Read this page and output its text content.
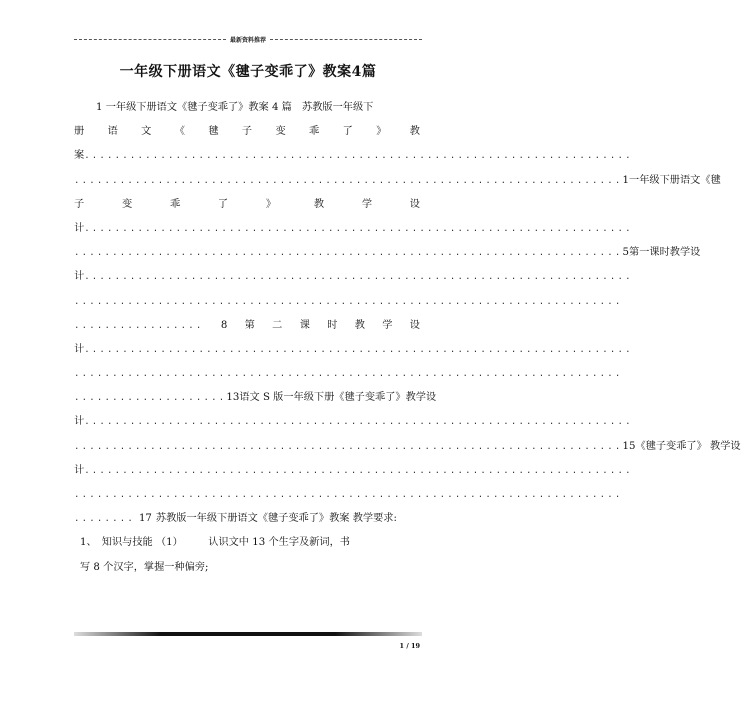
最新资料推荐
一年级下册语文《毽子变乖了》教案4篇
1 一年级下册语文《毽子变乖了》教案 4 篇　苏教版一年级下
册 语 文 《 毽 子 变 乖 了 》 教
案 ........................................................................
........................................................................ 1 一年级下册语文《毽
子	变	乖	了	》	教	学	设
计 ........................................................................
........................................................................ 5 第一课时教学设
计 ........................................................................
........................................................................
................. 8 第 二 课 时 教 学 设
计 ........................................................................
........................................................................
.................... 13 语文 S 版一年级下册《毽子变乖了》教学设
计 ........................................................................
........................................................................ 15 《毽子变乖了》 教学设
计 ........................................................................
........................................................................
........ 17 苏教版一年级下册语文《毽子变乖了》教案 教学要求:
1、　知识与技能 （1）　　　认识文中 13 个生字及新词，书
写 8 个汉字，掌握一种偏旁;
1 / 19
